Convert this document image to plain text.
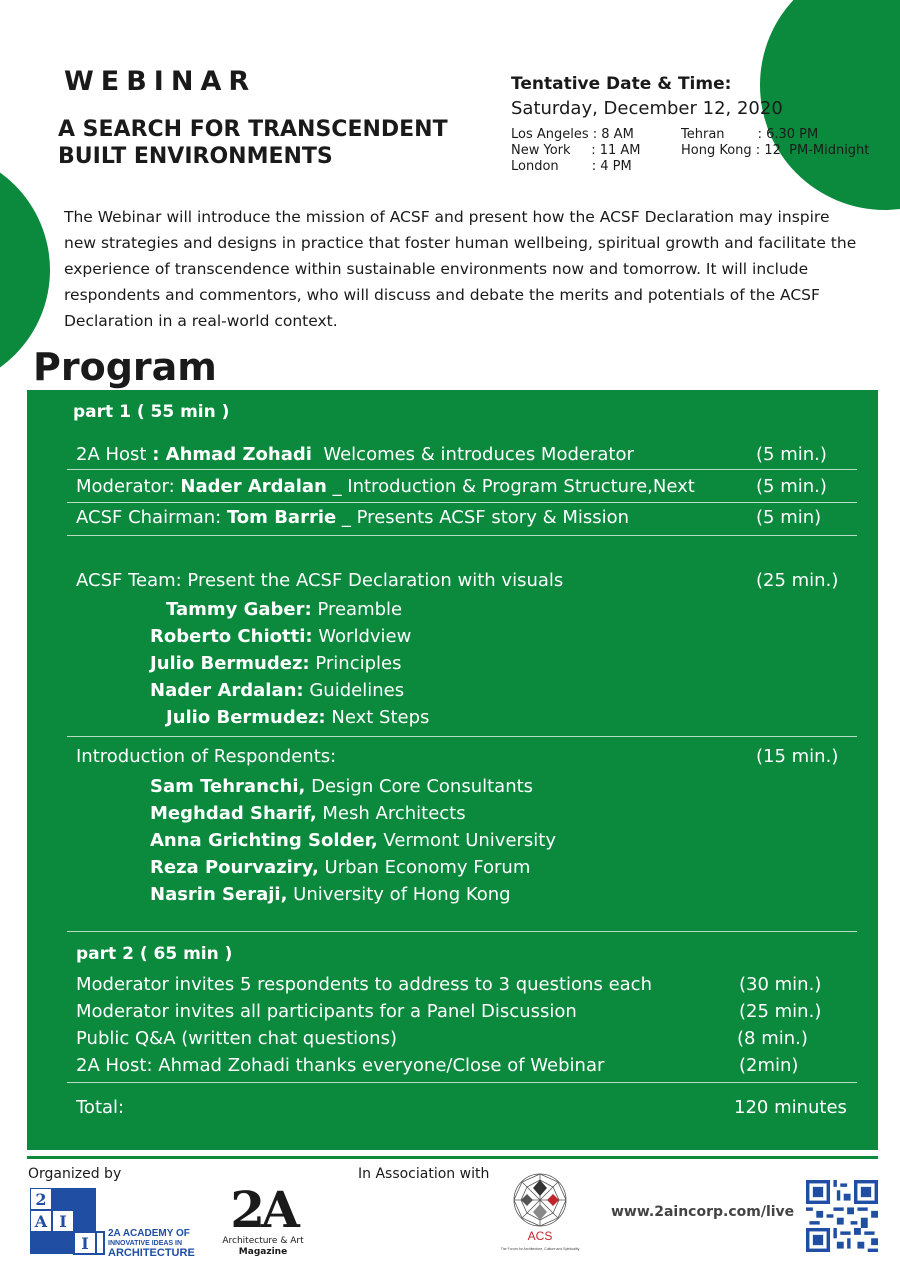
WEBINAR
A SEARCH FOR TRANSCENDENT
BUILT ENVIRONMENTS
Tentative Date & Time:
Saturday, December 12, 2020
Los Angeles : 8 AM	Tehran        : 6.30 PM
New York     : 11 AM	Hong Kong : 12  PM-Midnight
London        : 4 PM
The Webinar will introduce the mission of ACSF and present how the ACSF Declaration may inspire new strategies and designs in practice that foster human wellbeing, spiritual growth and facilitate the experience of transcendence within sustainable environments now and tomorrow. It will include respondents and commentors, who will discuss and debate the merits and potentials of the ACSF Declaration in a real-world context.
Program
part 1 ( 55 min )
2A Host : Ahmad Zohadi Welcomes & introduces Moderator	(5 min.)
Moderator: Nader Ardalan _ Introduction & Program Structure,Next	(5 min.)
ACSF Chairman: Tom Barrie _ Presents ACSF story & Mission	(5 min)
ACSF Team: Present the ACSF Declaration with visuals	(25 min.)
Tammy Gaber: Preamble
Roberto Chiotti: Worldview
Julio Bermudez: Principles
Nader Ardalan: Guidelines
Julio Bermudez: Next Steps
Introduction of Respondents:	(15 min.)
Sam Tehranchi, Design Core Consultants
Meghdad Sharif, Mesh Architects
Anna Grichting Solder, Vermont University
Reza Pourvaziry, Urban Economy Forum
Nasrin Seraji, University of Hong Kong
part 2 ( 65 min )
Moderator invites 5 respondents to address to 3 questions each	(30 min.)
Moderator invites all participants for a Panel Discussion	(25 min.)
Public Q&A (written chat questions)	(8 min.)
2A Host: Ahmad Zohadi thanks everyone/Close of Webinar	(2min)
Total:	120 minutes
Organized by	In Association with
2
A I
I
2A ACADEMY OF
INNOVATIVE IDEAS IN
ARCHITECTURE
2A
Architecture & Art
Magazine
ACS
The Forum for Architecture, Culture and Spirituality
www.2aincorp.com/live
